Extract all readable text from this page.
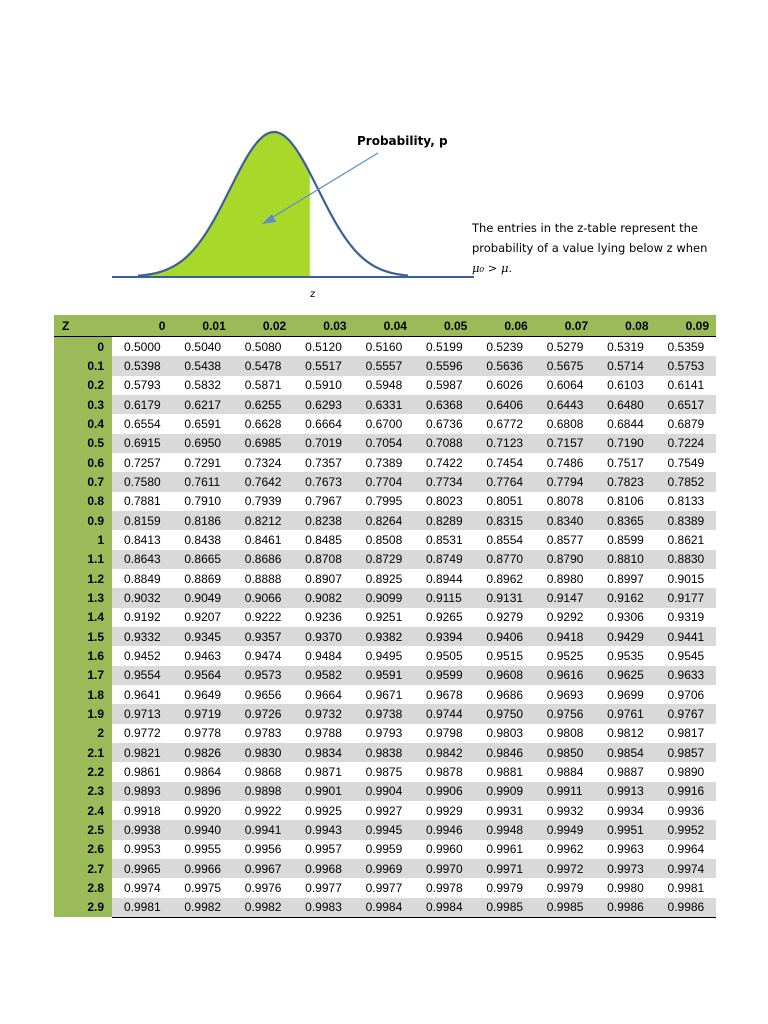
Probability, p
z
The entries in the z-table represent the probability of a value lying below z when
μ₀ > μ.
Z	0	0.01	0.02	0.03	0.04	0.05	0.06	0.07	0.08	0.09
0	0.5000	0.5040	0.5080	0.5120	0.5160	0.5199	0.5239	0.5279	0.5319	0.5359
0.1	0.5398	0.5438	0.5478	0.5517	0.5557	0.5596	0.5636	0.5675	0.5714	0.5753
0.2	0.5793	0.5832	0.5871	0.5910	0.5948	0.5987	0.6026	0.6064	0.6103	0.6141
0.3	0.6179	0.6217	0.6255	0.6293	0.6331	0.6368	0.6406	0.6443	0.6480	0.6517
0.4	0.6554	0.6591	0.6628	0.6664	0.6700	0.6736	0.6772	0.6808	0.6844	0.6879
0.5	0.6915	0.6950	0.6985	0.7019	0.7054	0.7088	0.7123	0.7157	0.7190	0.7224
0.6	0.7257	0.7291	0.7324	0.7357	0.7389	0.7422	0.7454	0.7486	0.7517	0.7549
0.7	0.7580	0.7611	0.7642	0.7673	0.7704	0.7734	0.7764	0.7794	0.7823	0.7852
0.8	0.7881	0.7910	0.7939	0.7967	0.7995	0.8023	0.8051	0.8078	0.8106	0.8133
0.9	0.8159	0.8186	0.8212	0.8238	0.8264	0.8289	0.8315	0.8340	0.8365	0.8389
1	0.8413	0.8438	0.8461	0.8485	0.8508	0.8531	0.8554	0.8577	0.8599	0.8621
1.1	0.8643	0.8665	0.8686	0.8708	0.8729	0.8749	0.8770	0.8790	0.8810	0.8830
1.2	0.8849	0.8869	0.8888	0.8907	0.8925	0.8944	0.8962	0.8980	0.8997	0.9015
1.3	0.9032	0.9049	0.9066	0.9082	0.9099	0.9115	0.9131	0.9147	0.9162	0.9177
1.4	0.9192	0.9207	0.9222	0.9236	0.9251	0.9265	0.9279	0.9292	0.9306	0.9319
1.5	0.9332	0.9345	0.9357	0.9370	0.9382	0.9394	0.9406	0.9418	0.9429	0.9441
1.6	0.9452	0.9463	0.9474	0.9484	0.9495	0.9505	0.9515	0.9525	0.9535	0.9545
1.7	0.9554	0.9564	0.9573	0.9582	0.9591	0.9599	0.9608	0.9616	0.9625	0.9633
1.8	0.9641	0.9649	0.9656	0.9664	0.9671	0.9678	0.9686	0.9693	0.9699	0.9706
1.9	0.9713	0.9719	0.9726	0.9732	0.9738	0.9744	0.9750	0.9756	0.9761	0.9767
2	0.9772	0.9778	0.9783	0.9788	0.9793	0.9798	0.9803	0.9808	0.9812	0.9817
2.1	0.9821	0.9826	0.9830	0.9834	0.9838	0.9842	0.9846	0.9850	0.9854	0.9857
2.2	0.9861	0.9864	0.9868	0.9871	0.9875	0.9878	0.9881	0.9884	0.9887	0.9890
2.3	0.9893	0.9896	0.9898	0.9901	0.9904	0.9906	0.9909	0.9911	0.9913	0.9916
2.4	0.9918	0.9920	0.9922	0.9925	0.9927	0.9929	0.9931	0.9932	0.9934	0.9936
2.5	0.9938	0.9940	0.9941	0.9943	0.9945	0.9946	0.9948	0.9949	0.9951	0.9952
2.6	0.9953	0.9955	0.9956	0.9957	0.9959	0.9960	0.9961	0.9962	0.9963	0.9964
2.7	0.9965	0.9966	0.9967	0.9968	0.9969	0.9970	0.9971	0.9972	0.9973	0.9974
2.8	0.9974	0.9975	0.9976	0.9977	0.9977	0.9978	0.9979	0.9979	0.9980	0.9981
2.9	0.9981	0.9982	0.9982	0.9983	0.9984	0.9984	0.9985	0.9985	0.9986	0.9986
